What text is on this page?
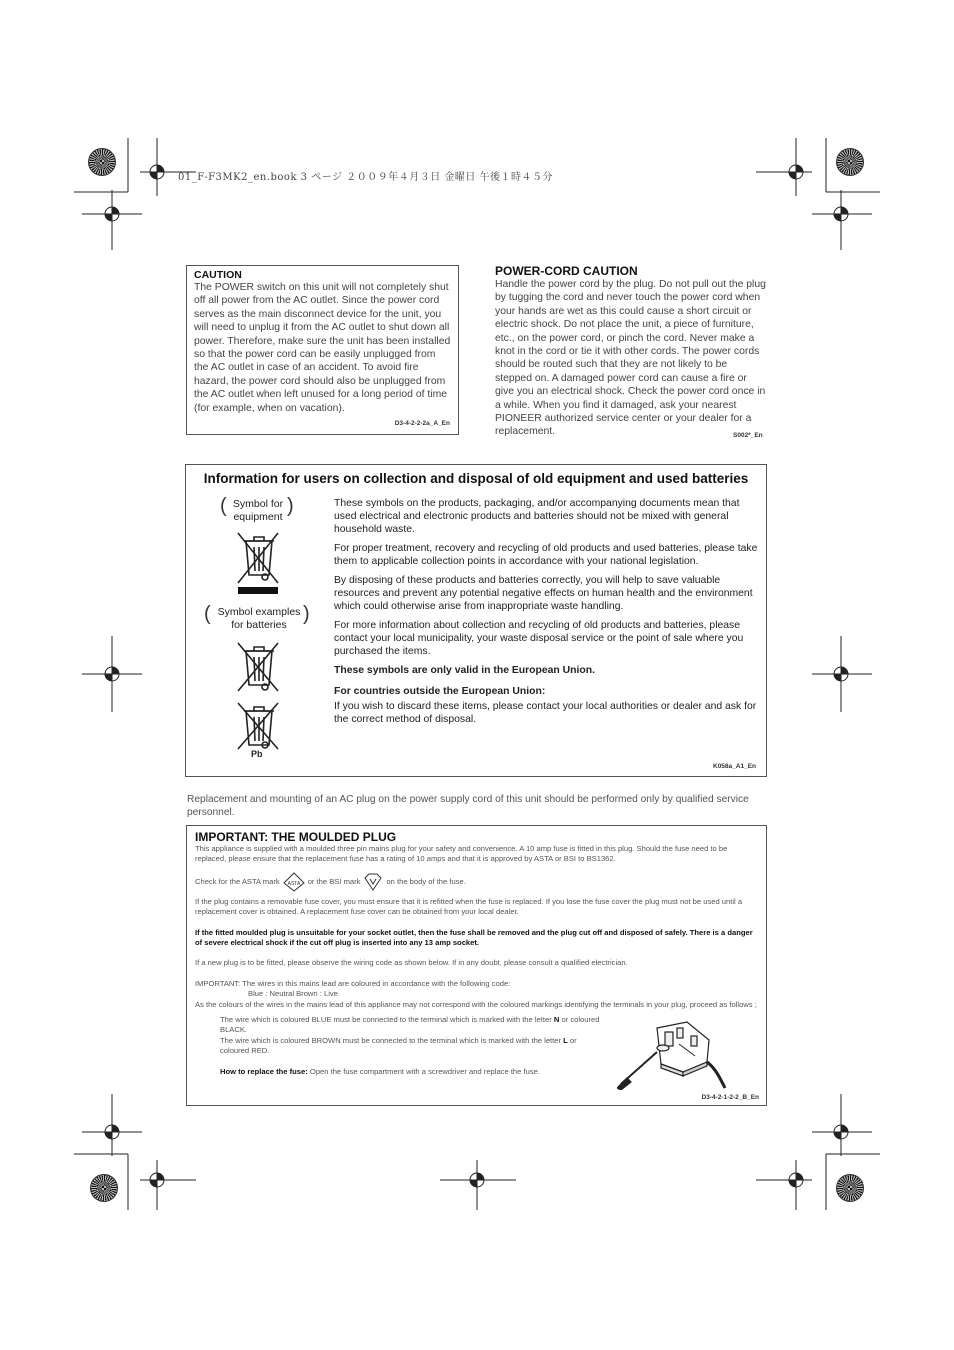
01_F-F3MK2_en.book 3 ページ ２００９年４月３日 金曜日 午後１時４５分
CAUTION
The POWER switch on this unit will not completely shut off all power from the AC outlet. Since the power cord serves as the main disconnect device for the unit, you will need to unplug it from the AC outlet to shut down all power. Therefore, make sure the unit has been installed so that the power cord can be easily unplugged from the AC outlet in case of an accident. To avoid fire hazard, the power cord should also be unplugged from the AC outlet when left unused for a long period of time (for example, when on vacation).
D3-4-2-2-2a_A_En
POWER-CORD CAUTION
Handle the power cord by the plug. Do not pull out the plug by tugging the cord and never touch the power cord when your hands are wet as this could cause a short circuit or electric shock. Do not place the unit, a piece of furniture, etc., on the power cord, or pinch the cord. Never make a knot in the cord or tie it with other cords. The power cords should be routed such that they are not likely to be stepped on. A damaged power cord can cause a fire or give you an electrical shock. Check the power cord once in a while. When you find it damaged, ask your nearest PIONEER authorized service center or your dealer for a replacement.	S002*_En
Information for users on collection and disposal of old equipment and used batteries
( Symbol for equipment )
( Symbol examples for batteries )
Pb

These symbols on the products, packaging, and/or accompanying documents mean that used electrical and electronic products and batteries should not be mixed with general household waste.

For proper treatment, recovery and recycling of old products and used batteries, please take them to applicable collection points in accordance with your national legislation.

By disposing of these products and batteries correctly, you will help to save valuable resources and prevent any potential negative effects on human health and the environment which could otherwise arise from inappropriate waste handling.

For more information about collection and recycling of old products and batteries, please contact your local municipality, your waste disposal service or the point of sale where you purchased the items.

These symbols are only valid in the European Union.

For countries outside the European Union:

If you wish to discard these items, please contact your local authorities or dealer and ask for the correct method of disposal.

K058a_A1_En
Replacement and mounting of an AC plug on the power supply cord of this unit should be performed only by qualified service personnel.
IMPORTANT: THE MOULDED PLUG

This appliance is supplied with a moulded three pin mains plug for your safety and convenience. A 10 amp fuse is fitted in this plug. Should the fuse need to be replaced, please ensure that the replacement fuse has a rating of 10 amps and that it is approved by ASTA or BSI to BS1362.

Check for the ASTA mark ASTA or the BSI mark	on the body of the fuse.

If the plug contains a removable fuse cover, you must ensure that it is refitted when the fuse is replaced. If you lose the fuse cover the plug must not be used until a replacement cover is obtained. A replacement fuse cover can be obtained from your local dealer.

If the fitted moulded plug is unsuitable for your socket outlet, then the fuse shall be removed and the plug cut off and disposed of safely. There is a danger of severe electrical shock if the cut off plug is inserted into any 13 amp socket.

If a new plug is to be fitted, please observe the wiring code as shown below. If in any doubt, please consult a qualified electrician.

IMPORTANT: The wires in this mains lead are coloured in accordance with the following code:

Blue : Neutral Brown : Live

As the colours of the wires in the mains lead of this appliance may not correspond with the coloured markings identifying the terminals in your plug, proceed as follows ;

The wire which is coloured BLUE must be connected to the terminal which is marked with the letter N or coloured BLACK.

The wire which is coloured BROWN must be connected to the terminal which is marked with the letter L or coloured RED.

How to replace the fuse: Open the fuse compartment with a screwdriver and replace the fuse.

D3-4-2-1-2-2_B_En
